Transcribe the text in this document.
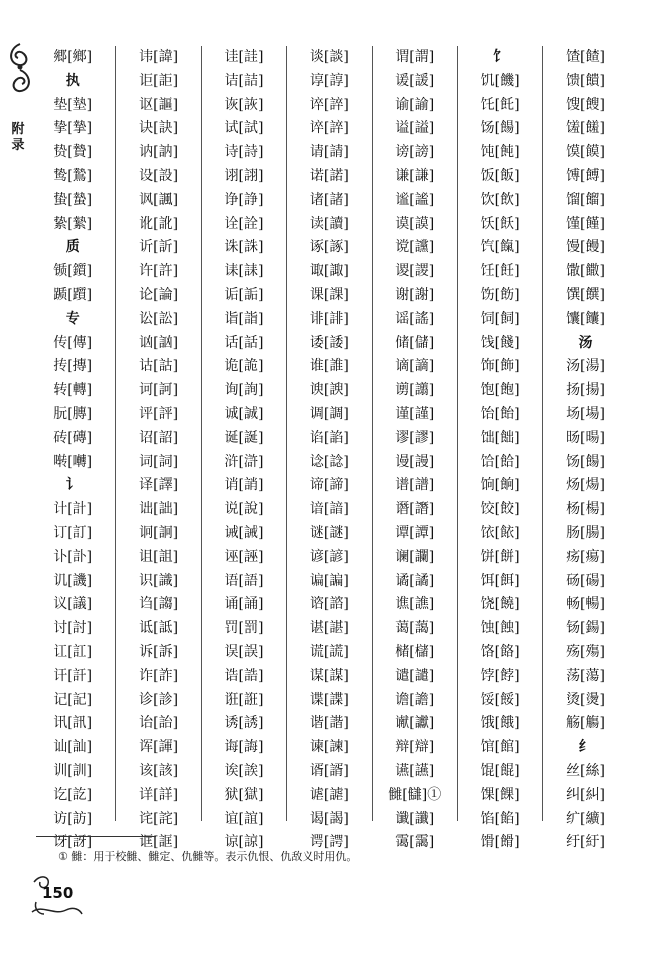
附录
郷[鄉]
执
垫[墊]
挚[摯]
贽[贄]
鸷[鷙]
蛰[蟄]
絷[縶]
质
锧[鑕]
踬[躓]
专
传[傳]
抟[摶]
转[轉]
朊[膞]
砖[磚]
啭[囀]
讠
计[計]
订[訂]
讣[訃]
讥[譏]
议[議]
讨[討]
讧[訌]
讦[訐]
记[記]
讯[訊]
讪[訕]
训[訓]
讫[訖]
访[訪]
讶[訝]
讳[諱]
讵[詎]
讴[謳]
诀[訣]
讷[訥]
设[設]
讽[諷]
讹[訛]
䜣[訢]
许[許]
论[論]
讼[訟]
讻[訩]
诂[詁]
诃[訶]
评[評]
诏[詔]
词[詞]
译[譯]
诎[詘]
诇[詗]
诅[詛]
识[識]
诌[謅]
诋[詆]
诉[訴]
诈[詐]
诊[診]
诒[詒]
诨[諢]
该[該]
详[詳]
诧[詫]
诓[誆]
诖[詿]
诘[詰]
诙[詼]
试[試]
诗[詩]
诩[詡]
诤[諍]
诠[詮]
诛[誅]
诔[誄]
诟[詬]
诣[詣]
话[話]
诡[詭]
询[詢]
诚[誠]
诞[誕]
浒[滸]
诮[誚]
说[說]
诫[誡]
诬[誣]
语[語]
诵[誦]
罚[罰]
误[誤]
诰[誥]
诳[誑]
诱[誘]
诲[誨]
诶[誒]
狱[獄]
谊[誼]
谅[諒]
谈[談]
谆[諄]
谇[誶]
谇[誶]
请[請]
诺[諾]
诸[諸]
读[讀]
诼[諑]
诹[諏]
课[課]
诽[誹]
诿[諉]
谁[誰]
谀[諛]
调[調]
谄[諂]
谂[諗]
谛[諦]
谙[諳]
谜[謎]
谚[諺]
谝[諞]
谘[諮]
谌[諶]
谎[謊]
谋[謀]
谍[諜]
谐[諧]
谏[諫]
谞[諝]
谑[謔]
谒[謁]
谔[諤]
谓[謂]
谖[諼]
谕[諭]
谥[謚]
谤[謗]
谦[謙]
谧[謐]
谟[謨]
谠[讜]
谡[謖]
谢[謝]
谣[謠]
储[儲]
谪[謫]
谫[譾]
谨[謹]
谬[謬]
谩[謾]
谱[譜]
谮[譖]
谭[譚]
谰[讕]
谲[譎]
谯[譙]
蔼[藹]
槠[櫧]
谴[譴]
谵[譫]
谳[讞]
辩[辯]
䜩[讌]
雠[讎]①
谶[讖]
霭[靄]
饣
饥[饑]
饦[飥]
饧[餳]
饨[飩]
饭[飯]
饮[飲]
饫[飫]
饩[餼]
饪[飪]
饬[飭]
饲[飼]
饯[餞]
饰[飾]
饱[飽]
饴[飴]
饳[飿]
饸[餄]
饷[餉]
饺[餃]
饻[餏]
饼[餅]
饵[餌]
饶[饒]
蚀[蝕]
饹[餎]
饽[餑]
馁[餒]
饿[餓]
馆[館]
馄[餛]
馃[餜]
馅[餡]
馉[餶]
馇[餷]
馈[饋]
馊[餿]
馐[饈]
馍[饃]
馎[餺]
馏[餾]
馑[饉]
馒[饅]
馓[饊]
馔[饌]
馕[饢]
汤
汤[湯]
扬[揚]
场[場]
旸[暘]
饧[餳]
炀[煬]
杨[楊]
肠[腸]
疡[瘍]
砀[碭]
畅[暢]
钖[鍚]
殇[殤]
荡[蕩]
烫[燙]
觞[觴]
纟
丝[絲]
纠[糾]
纩[纊]
纡[紆]
① 雠：用于校雠、雠定、仇雠等。表示仇恨、仇敌义时用仇。
150
